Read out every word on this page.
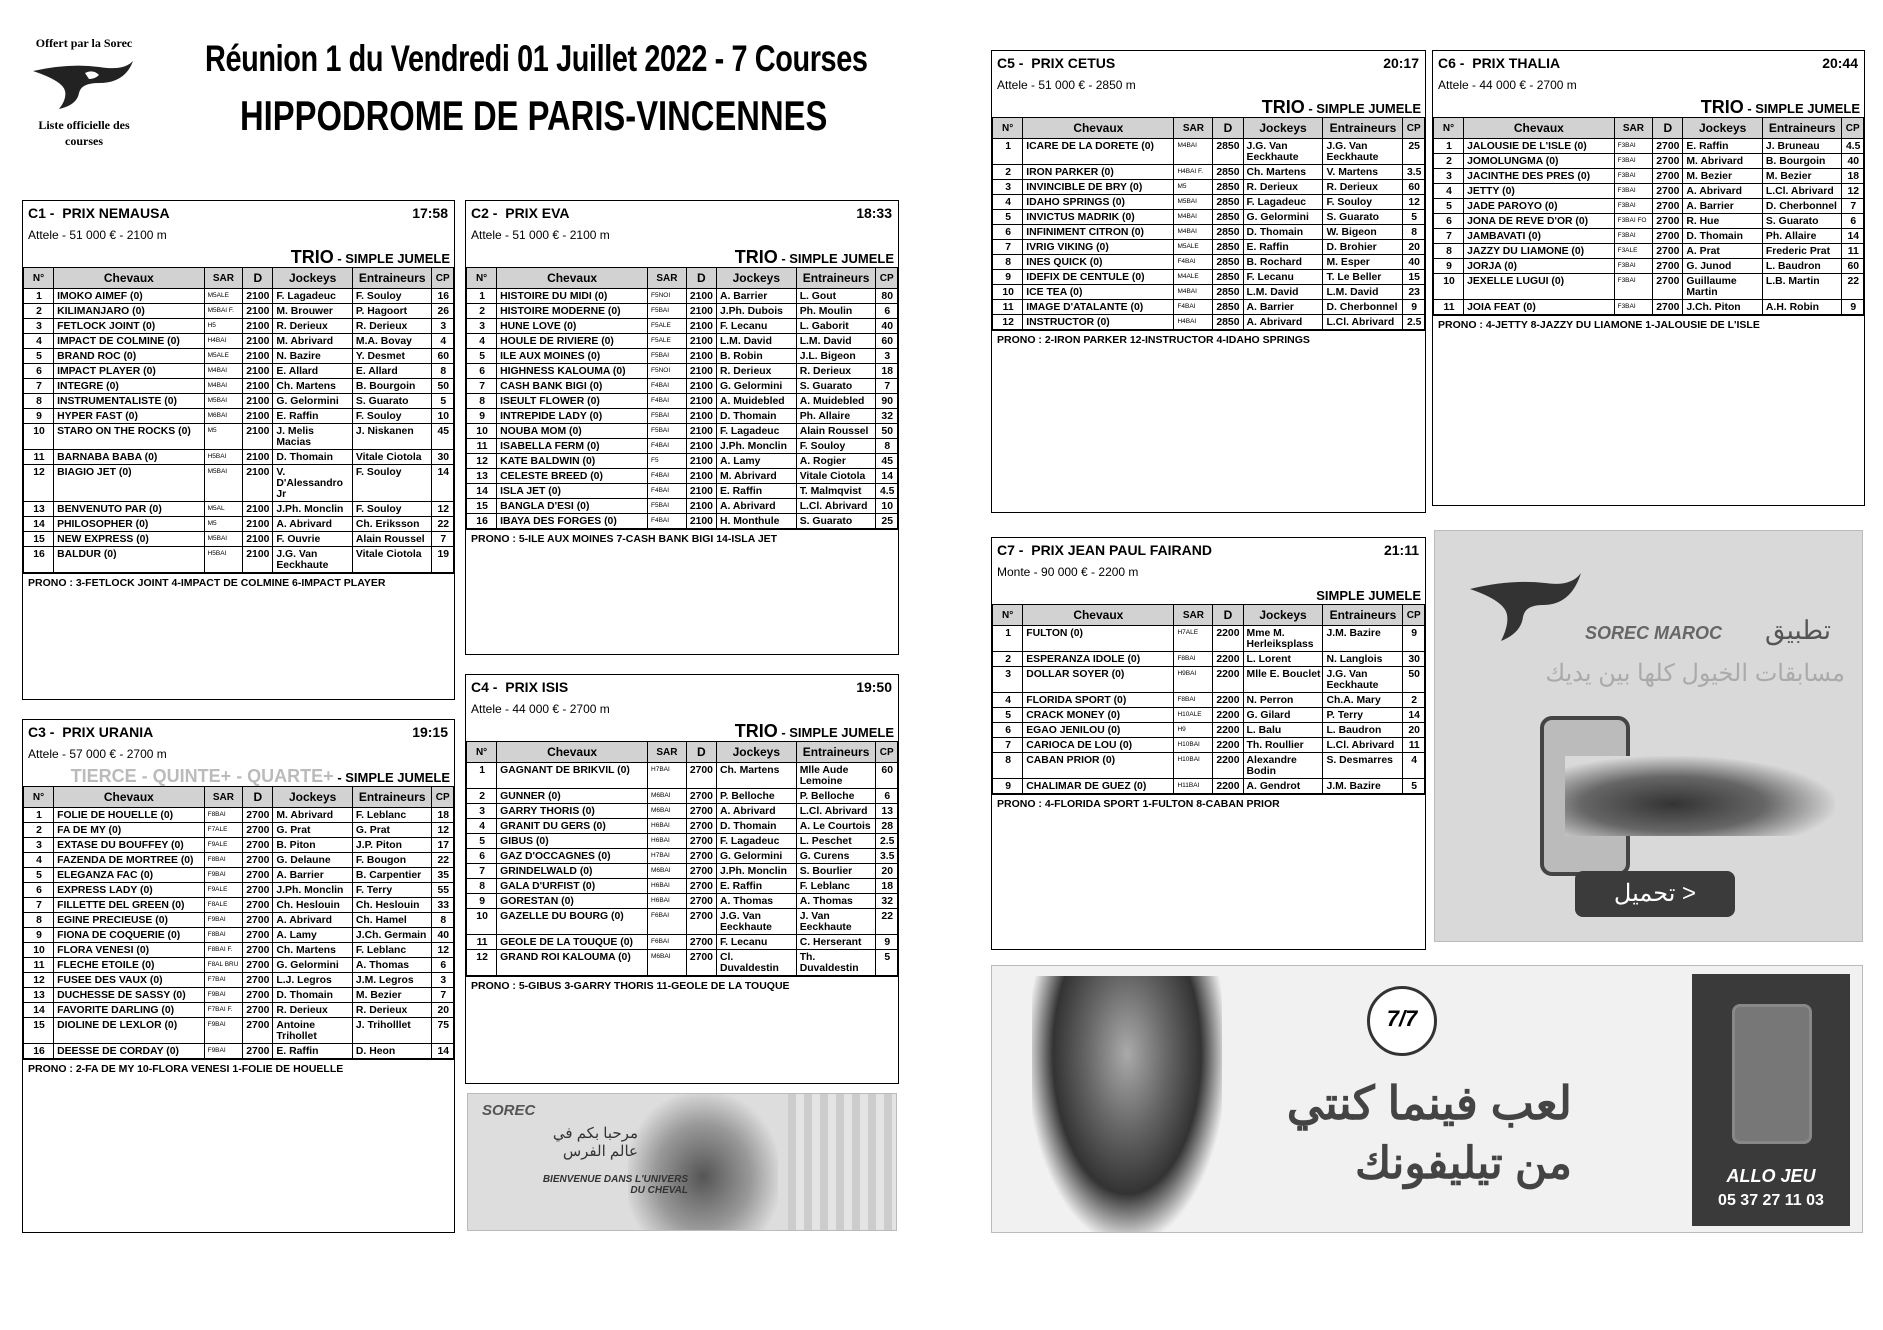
Offert par la Sorec
Liste officielle des courses
Réunion 1 du Vendredi 01 Juillet 2022 - 7 Courses
HIPPODROME DE PARIS-VINCENNES
C1 - PRIX NEMAUSA	17:58
Attele - 51 000 € - 2100 m
TRIO - SIMPLE JUMELE
N°	Chevaux	SAR	D	Jockeys	Entraineurs	CP
1	IMOKO AIMEF (0)	M5ALE	2100	F. Lagadeuc	F. Souloy	16
2	KILIMANJARO (0)	M5BAI F.	2100	M. Brouwer	P. Hagoort	26
3	FETLOCK JOINT (0)	H5	2100	R. Derieux	R. Derieux	3
4	IMPACT DE COLMINE (0)	H4BAI	2100	M. Abrivard	M.A. Bovay	4
5	BRAND ROC (0)	M5ALE	2100	N. Bazire	Y. Desmet	60
6	IMPACT PLAYER (0)	M4BAI	2100	E. Allard	E. Allard	8
7	INTEGRE (0)	M4BAI	2100	Ch. Martens	B. Bourgoin	50
8	INSTRUMENTALISTE (0)	M5BAI	2100	G. Gelormini	S. Guarato	5
9	HYPER FAST (0)	M6BAI	2100	E. Raffin	F. Souloy	10
10	STARO ON THE ROCKS (0)	M5	2100	J. Melis Macias	J. Niskanen	45
11	BARNABA BABA (0)	H5BAI	2100	D. Thomain	Vitale Ciotola	30
12	BIAGIO JET (0)	M5BAI	2100	V. D'Alessandro Jr	F. Souloy	14
13	BENVENUTO PAR (0)	M5AL	2100	J.Ph. Monclin	F. Souloy	12
14	PHILOSOPHER (0)	M5	2100	A. Abrivard	Ch. Eriksson	22
15	NEW EXPRESS (0)	M5BAI	2100	F. Ouvrie	Alain Roussel	7
16	BALDUR (0)	H5BAI	2100	J.G. Van Eeckhaute	Vitale Ciotola	19
PRONO : 3-FETLOCK JOINT 4-IMPACT DE COLMINE 6-IMPACT PLAYER
C2 - PRIX EVA	18:33
Attele - 51 000 € - 2100 m
TRIO - SIMPLE JUMELE
N°	Chevaux	SAR	D	Jockeys	Entraineurs	CP
1	HISTOIRE DU MIDI (0)	F5NOI	2100	A. Barrier	L. Gout	80
2	HISTOIRE MODERNE (0)	F5BAI	2100	J.Ph. Dubois	Ph. Moulin	6
3	HUNE LOVE (0)	F5ALE	2100	F. Lecanu	L. Gaborit	40
4	HOULE DE RIVIERE (0)	F5ALE	2100	L.M. David	L.M. David	60
5	ILE AUX MOINES (0)	F5BAI	2100	B. Robin	J.L. Bigeon	3
6	HIGHNESS KALOUMA (0)	F5NOI	2100	R. Derieux	R. Derieux	18
7	CASH BANK BIGI (0)	F4BAI	2100	G. Gelormini	S. Guarato	7
8	ISEULT FLOWER (0)	F4BAI	2100	A. Muidebled	A. Muidebled	90
9	INTREPIDE LADY (0)	F5BAI	2100	D. Thomain	Ph. Allaire	32
10	NOUBA MOM (0)	F5BAI	2100	F. Lagadeuc	Alain Roussel	50
11	ISABELLA FERM (0)	F4BAI	2100	J.Ph. Monclin	F. Souloy	8
12	KATE BALDWIN (0)	F5	2100	A. Lamy	A. Rogier	45
13	CELESTE BREED (0)	F4BAI	2100	M. Abrivard	Vitale Ciotola	14
14	ISLA JET (0)	F4BAI	2100	E. Raffin	T. Malmqvist	4.5
15	BANGLA D'ESI (0)	F5BAI	2100	A. Abrivard	L.Cl. Abrivard	10
16	IBAYA DES FORGES (0)	F4BAI	2100	H. Monthule	S. Guarato	25
PRONO : 5-ILE AUX MOINES 7-CASH BANK BIGI 14-ISLA JET
C3 - PRIX URANIA	19:15
Attele - 57 000 € - 2700 m
TIERCE - QUINTE+ - QUARTE+ - SIMPLE JUMELE
N°	Chevaux	SAR	D	Jockeys	Entraineurs	CP
1	FOLIE DE HOUELLE (0)	F8BAI	2700	M. Abrivard	F. Leblanc	18
2	FA DE MY (0)	F7ALE	2700	G. Prat	G. Prat	12
3	EXTASE DU BOUFFEY (0)	F9ALE	2700	B. Piton	J.P. Piton	17
4	FAZENDA DE MORTREE (0)	F8BAI	2700	G. Delaune	F. Bougon	22
5	ELEGANZA FAC (0)	F9BAI	2700	A. Barrier	B. Carpentier	35
6	EXPRESS LADY (0)	F9ALE	2700	J.Ph. Monclin	F. Terry	55
7	FILLETTE DEL GREEN (0)	F8ALE	2700	Ch. Heslouin	Ch. Heslouin	33
8	EGINE PRECIEUSE (0)	F9BAI	2700	A. Abrivard	Ch. Hamel	8
9	FIONA DE COQUERIE (0)	F8BAI	2700	A. Lamy	J.Ch. Germain	40
10	FLORA VENESI (0)	F8BAI F.	2700	Ch. Martens	F. Leblanc	12
11	FLECHE ETOILE (0)	F8AL BRU	2700	G. Gelormini	A. Thomas	6
12	FUSEE DES VAUX (0)	F7BAI	2700	L.J. Legros	J.M. Legros	3
13	DUCHESSE DE SASSY (0)	F9BAI	2700	D. Thomain	M. Bezier	7
14	FAVORITE DARLING (0)	F7BAI F.	2700	R. Derieux	R. Derieux	20
15	DIOLINE DE LEXLOR (0)	F9BAI	2700	Antoine Trihollet	J. Triholllet	75
16	DEESSE DE CORDAY (0)	F9BAI	2700	E. Raffin	D. Heon	14
PRONO : 2-FA DE MY 10-FLORA VENESI 1-FOLIE DE HOUELLE
C4 - PRIX ISIS	19:50
Attele - 44 000 € - 2700 m
TRIO - SIMPLE JUMELE
N°	Chevaux	SAR	D	Jockeys	Entraineurs	CP
1	GAGNANT DE BRIKVIL (0)	H7BAI	2700	Ch. Martens	Mlle Aude Lemoine	60
2	GUNNER (0)	M6BAI	2700	P. Belloche	P. Belloche	6
3	GARRY THORIS (0)	M6BAI	2700	A. Abrivard	L.Cl. Abrivard	13
4	GRANIT DU GERS (0)	H6BAI	2700	D. Thomain	A. Le Courtois	28
5	GIBUS (0)	H6BAI	2700	F. Lagadeuc	L. Peschet	2.5
6	GAZ D'OCCAGNES (0)	H7BAI	2700	G. Gelormini	G. Curens	3.5
7	GRINDELWALD (0)	M6BAI	2700	J.Ph. Monclin	S. Bourlier	20
8	GALA D'URFIST (0)	H6BAI	2700	E. Raffin	F. Leblanc	18
9	GORESTAN (0)	H6BAI	2700	A. Thomas	A. Thomas	32
10	GAZELLE DU BOURG (0)	F6BAI	2700	J.G. Van Eeckhaute	J. Van Eeckhaute	22
11	GEOLE DE LA TOUQUE (0)	F6BAI	2700	F. Lecanu	C. Herserant	9
12	GRAND ROI KALOUMA (0)	M6BAI	2700	Cl. Duvaldestin	Th. Duvaldestin	5
PRONO : 5-GIBUS 3-GARRY THORIS 11-GEOLE DE LA TOUQUE
C5 - PRIX CETUS	20:17
Attele - 51 000 € - 2850 m
TRIO - SIMPLE JUMELE
N°	Chevaux	SAR	D	Jockeys	Entraineurs	CP
1	ICARE DE LA DORETE (0)	M4BAI	2850	J.G. Van Eeckhaute	J.G. Van Eeckhaute	25
2	IRON PARKER (0)	H4BAI F.	2850	Ch. Martens	V. Martens	3.5
3	INVINCIBLE DE BRY (0)	M5	2850	R. Derieux	R. Derieux	60
4	IDAHO SPRINGS (0)	M5BAI	2850	F. Lagadeuc	F. Souloy	12
5	INVICTUS MADRIK (0)	M4BAI	2850	G. Gelormini	S. Guarato	5
6	INFINIMENT CITRON (0)	M4BAI	2850	D. Thomain	W. Bigeon	8
7	IVRIG VIKING (0)	M5ALE	2850	E. Raffin	D. Brohier	20
8	INES QUICK (0)	F4BAI	2850	B. Rochard	M. Esper	40
9	IDEFIX DE CENTULE (0)	M4ALE	2850	F. Lecanu	T. Le Beller	15
10	ICE TEA (0)	M4BAI	2850	L.M. David	L.M. David	23
11	IMAGE D'ATALANTE (0)	F4BAI	2850	A. Barrier	D. Cherbonnel	9
12	INSTRUCTOR (0)	H4BAI	2850	A. Abrivard	L.Cl. Abrivard	2.5
PRONO : 2-IRON PARKER 12-INSTRUCTOR 4-IDAHO SPRINGS
C6 - PRIX THALIA	20:44
Attele - 44 000 € - 2700 m
TRIO - SIMPLE JUMELE
N°	Chevaux	SAR	D	Jockeys	Entraineurs	CP
1	JALOUSIE DE L'ISLE (0)	F3BAI	2700	E. Raffin	J. Bruneau	4.5
2	JOMOLUNGMA (0)	F3BAI	2700	M. Abrivard	B. Bourgoin	40
3	JACINTHE DES PRES (0)	F3BAI	2700	M. Bezier	M. Bezier	18
4	JETTY (0)	F3BAI	2700	A. Abrivard	L.Cl. Abrivard	12
5	JADE PAROYO (0)	F3BAI	2700	A. Barrier	D. Cherbonnel	7
6	JONA DE REVE D'OR (0)	F3BAI FO	2700	R. Hue	S. Guarato	6
7	JAMBAVATI (0)	F3BAI	2700	D. Thomain	Ph. Allaire	14
8	JAZZY DU LIAMONE (0)	F3ALE	2700	A. Prat	Frederic Prat	11
9	JORJA (0)	F3BAI	2700	G. Junod	L. Baudron	60
10	JEXELLE LUGUI (0)	F3BAI	2700	Guillaume Martin	L.B. Martin	22
11	JOIA FEAT (0)	F3BAI	2700	J.Ch. Piton	A.H. Robin	9
PRONO : 4-JETTY 8-JAZZY DU LIAMONE 1-JALOUSIE DE L'ISLE
C7 - PRIX JEAN PAUL FAIRAND	21:11
Monte - 90 000 € - 2200 m
SIMPLE JUMELE
N°	Chevaux	SAR	D	Jockeys	Entraineurs	CP
1	FULTON (0)	H7ALE	2200	Mme M. Herleiksplass	J.M. Bazire	9
2	ESPERANZA IDOLE (0)	F8BAI	2200	L. Lorent	N. Langlois	30
3	DOLLAR SOYER (0)	H9BAI	2200	Mlle E. Bouclet	J.G. Van Eeckhaute	50
4	FLORIDA SPORT (0)	F8BAI	2200	N. Perron	Ch.A. Mary	2
5	CRACK MONEY (0)	H10ALE	2200	G. Gilard	P. Terry	14
6	EGAO JENILOU (0)	H9	2200	L. Balu	L. Baudron	20
7	CARIOCA DE LOU (0)	H10BAI	2200	Th. Roullier	L.Cl. Abrivard	11
8	CABAN PRIOR (0)	H10BAI	2200	Alexandre Bodin	S. Desmarres	4
9	CHALIMAR DE GUEZ (0)	H11BAI	2200	A. Gendrot	J.M. Bazire	5
PRONO : 4-FLORIDA SPORT 1-FULTON 8-CABAN PRIOR
SOREC
مرحبا بكم في عالم الفرس
BIENVENUE DANS L'UNIVERS DU CHEVAL
SOREC MAROC تطبيق
مسابقات الخيول كلها بين يديك
تحميل >
7/7
لعب فينما كنتي
من تيليفونك	ALLO JEU
05 37 27 11 03
